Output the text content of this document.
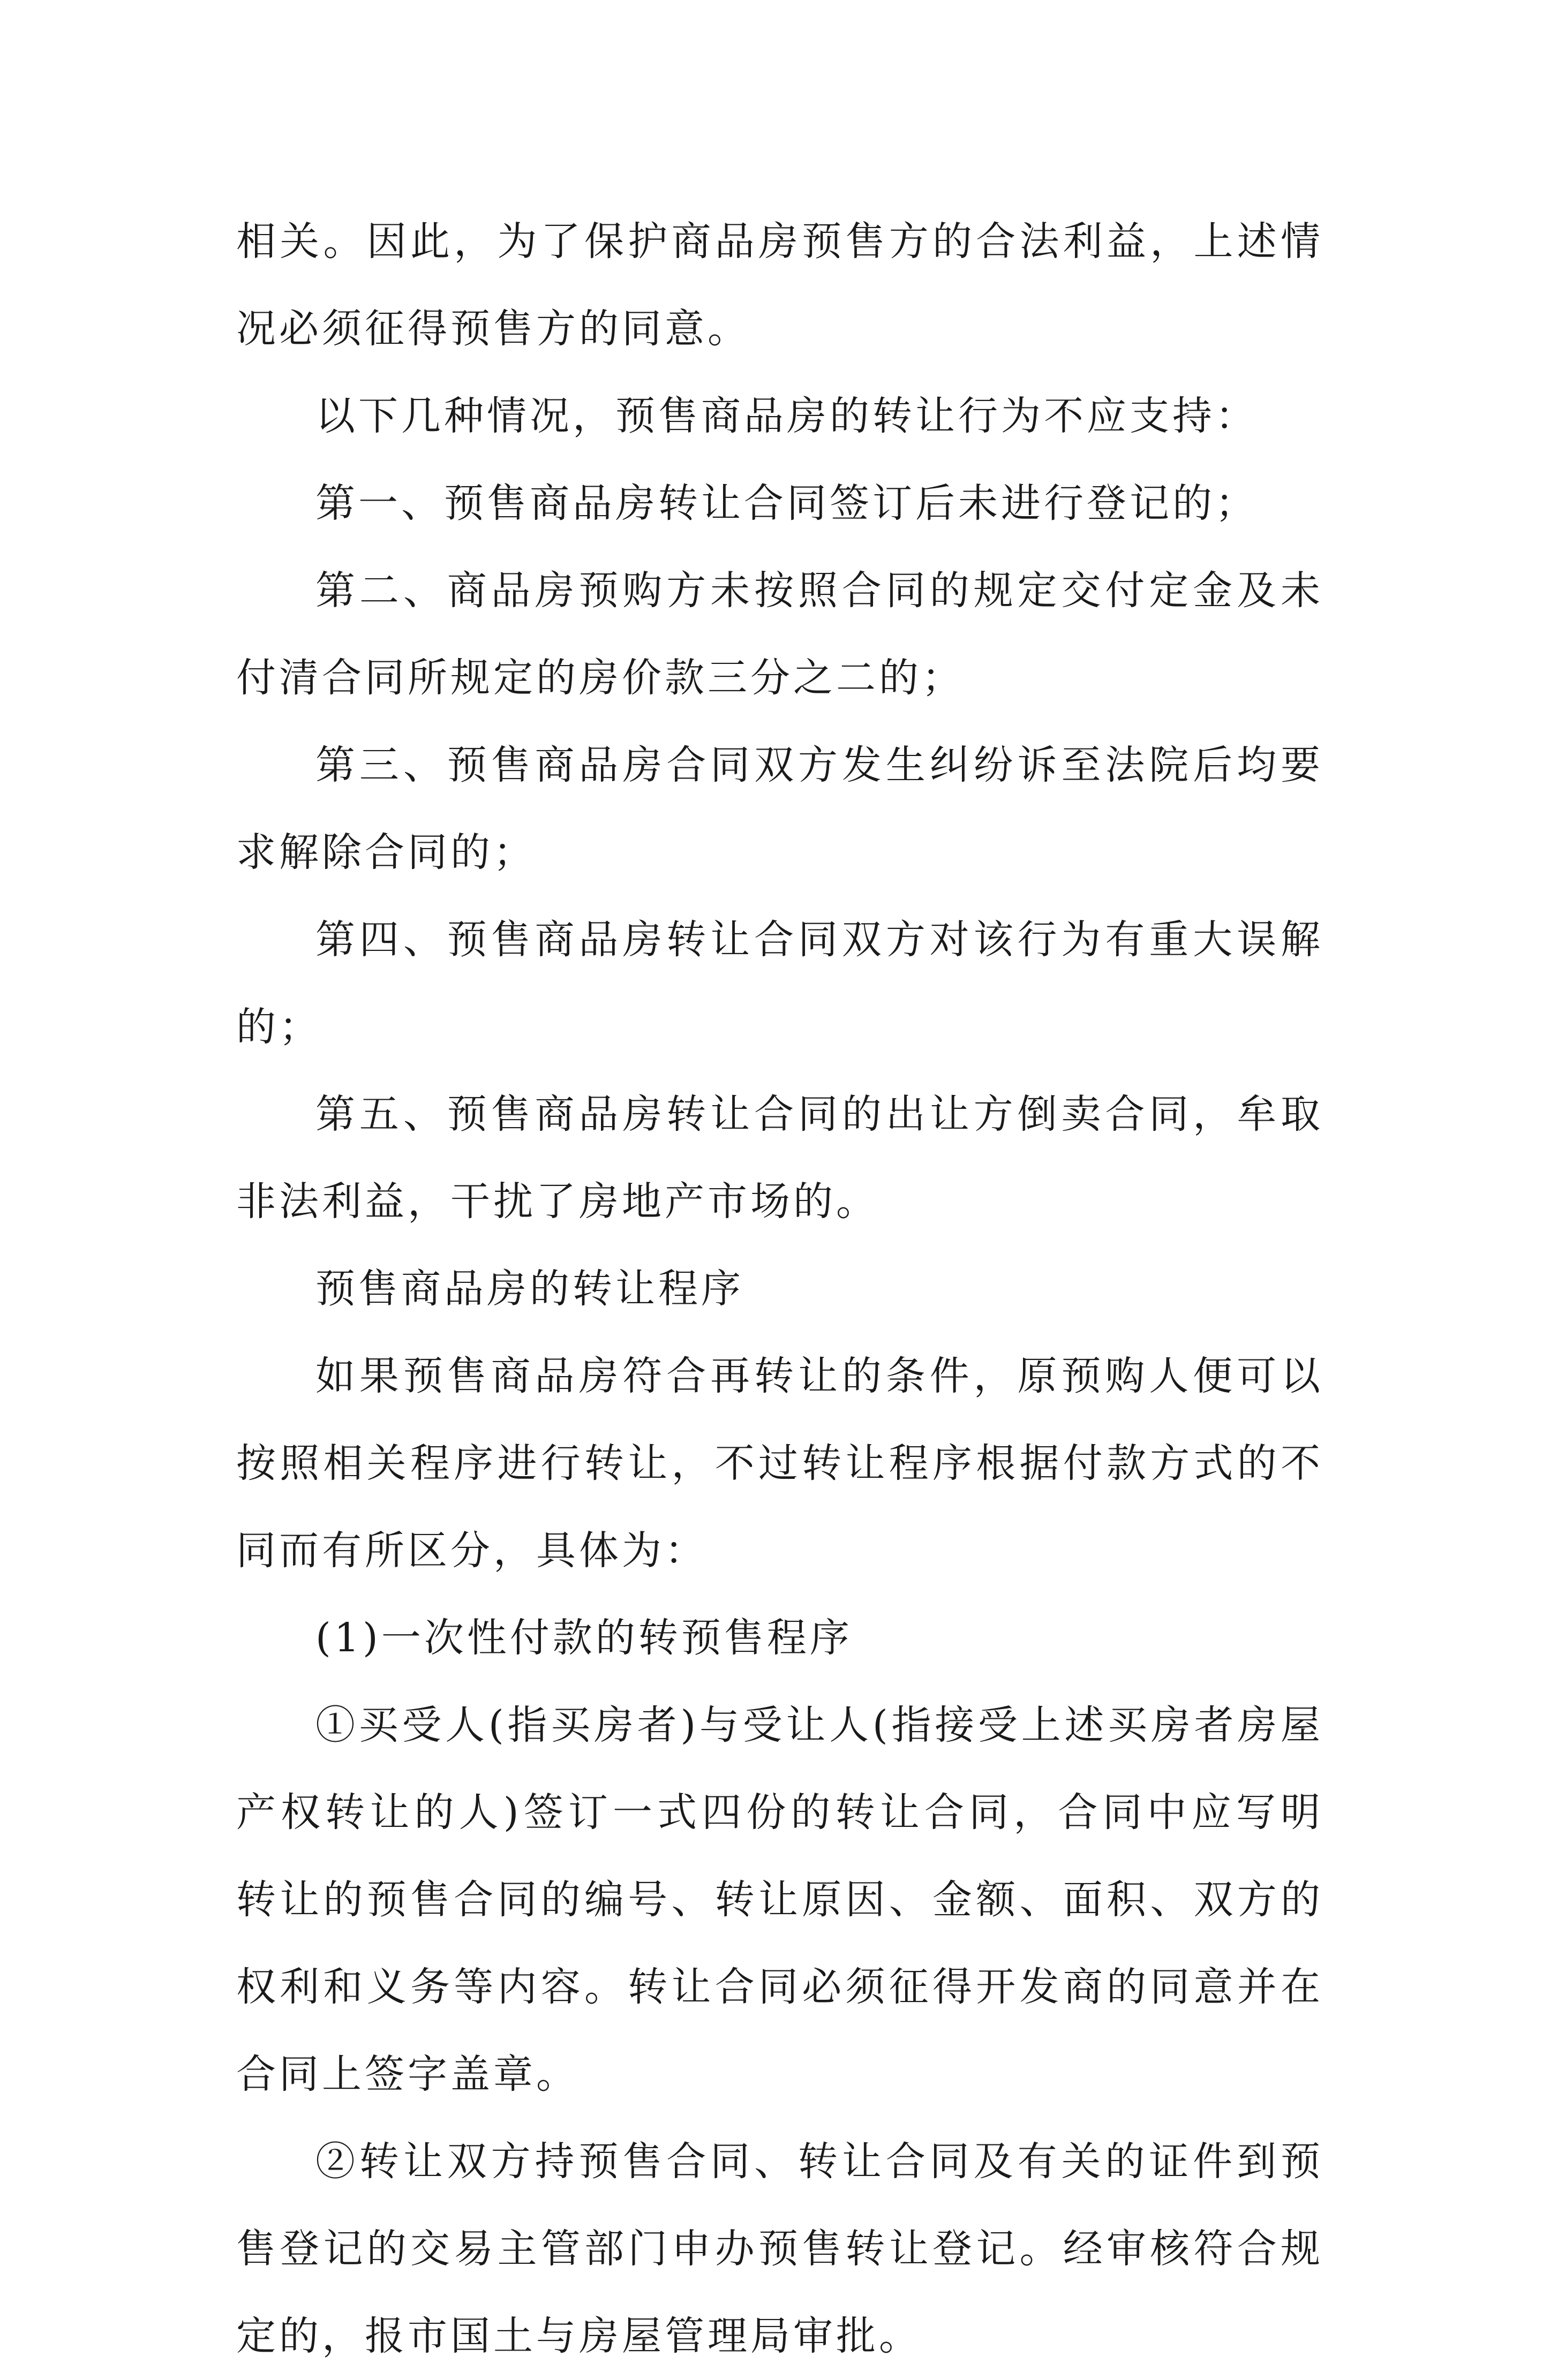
相关。因此，为了保护商品房预售方的合法利益，上述情况必须征得预售方的同意。

以下几种情况，预售商品房的转让行为不应支持：

第一、预售商品房转让合同签订后未进行登记的；

第二、商品房预购方未按照合同的规定交付定金及未付清合同所规定的房价款三分之二的；

第三、预售商品房合同双方发生纠纷诉至法院后均要求解除合同的；

第四、预售商品房转让合同双方对该行为有重大误解的；

第五、预售商品房转让合同的出让方倒卖合同，牟取非法利益，干扰了房地产市场的。

预售商品房的转让程序

如果预售商品房符合再转让的条件，原预购人便可以按照相关程序进行转让，不过转让程序根据付款方式的不同而有所区分，具体为：

(1)一次性付款的转预售程序

①买受人(指买房者)与受让人(指接受上述买房者房屋产权转让的人)签订一式四份的转让合同，合同中应写明转让的预售合同的编号、转让原因、金额、面积、双方的权利和义务等内容。转让合同必须征得开发商的同意并在合同上签字盖章。

②转让双方持预售合同、转让合同及有关的证件到预售登记的交易主管部门申办预售转让登记。经审核符合规定的，报市国土与房屋管理局审批。
